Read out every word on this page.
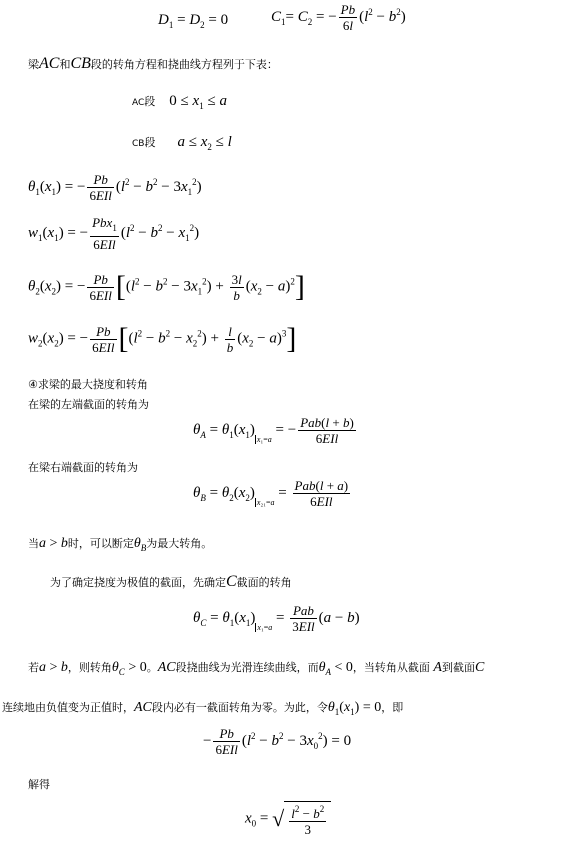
$D_1 = D_2 = 0$	$C_1= C_2$ = − $\frac{Pb}{6l} (l^2 - b^2)$
梁AC和CB段的转角方程和挠曲线方程列于下表：
AC段 $0 \le x_1 \le a$
CB段 $a \le x_2 \le l$
$\theta_1(x_1)$ = − $\frac{Pb}{\text{6EIl}} (l^2 - b^2 - 3x_1^2)$
$w_1(x_1)$ = − $\frac{Pbx_1}{\text{6EIl}} (l^2 - b^2 - x_1^2)$
$\theta_2(x_2)$ = − $\frac{Pb}{\text{6EIl}} [(l^2 - b^2 - 3x_1^2) + \frac{3l}{b} (x_2 - a)^2]$
$w_2(x_2)$ = − $\frac{Pb}{\text{6EIl}} [(l^2 - b^2 - x_2^2) + \frac{l}{b} (x_2 - a)^3]$
④求梁的最大挠度和转角
在梁的左端截面的转角为
$\theta_A = \theta_1(x_1)_{x_1=a}$ = − $\frac{\text{Pab(l + b)}}{\text{6EIl}}$
在梁右端截面的转角为
$\theta_B = \theta_2(x_2)_{x_{21}=a} = \frac{\text{Pab(l + a)}}{\text{6EIl}}$
当a > b时，可以断定$\theta_B$为最大转角。
为了确定挠度为极值的截面，先确定C截面的转角
$\theta_C = \theta_1(x_1)_{x_1=a} = \frac{\text{Pab}}{\text{3EIl}} (a - b)$
若a > b，则转角$\theta_C > 0$。AC段挠曲线为光滑连续曲线，而$\theta_A < 0$，当转角从截面 A到截面C
连续地由负值变为正值时，AC段内必有一截面转角为零。为此，令$\theta_1(x_1) = 0$，即
− $\frac{Pb}{\text{6EIl}} (l^2 - b^2 - 3x_0^2) = 0$
解得
$x_0$ = √ $\frac{l^2 - b^2}{3}$
